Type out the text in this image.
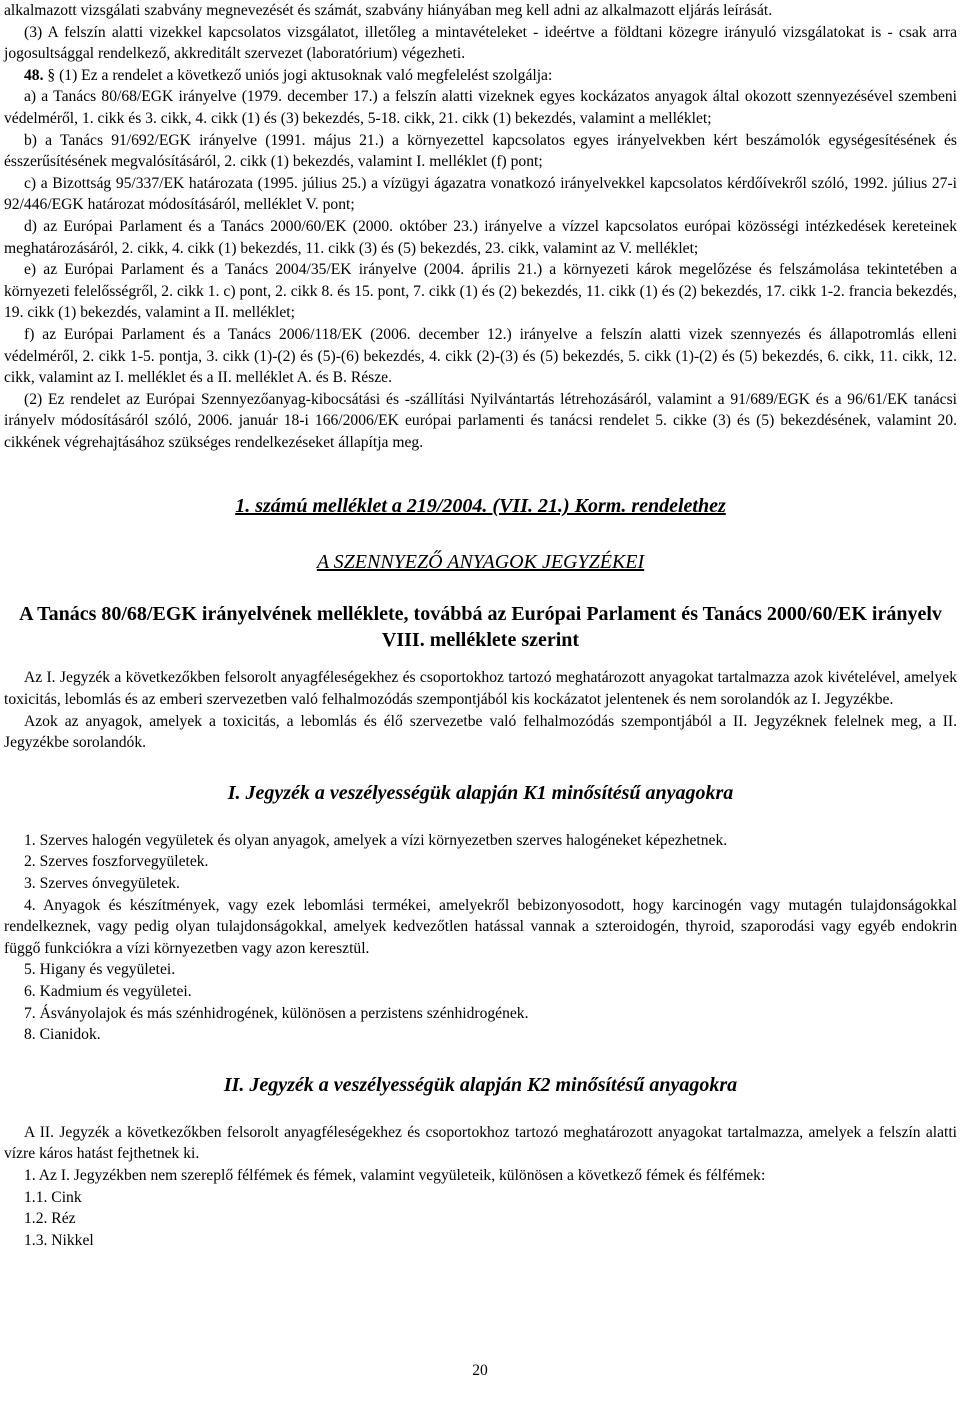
alkalmazott vizsgálati szabvány megnevezését és számát, szabvány hiányában meg kell adni az alkalmazott eljárás leírását.

(3) A felszín alatti vizekkel kapcsolatos vizsgálatot, illetőleg a mintavételeket - ideértve a földtani közegre irányuló vizsgálatokat is - csak arra jogosultsággal rendelkező, akkreditált szervezet (laboratórium) végezheti.

48. § (1) Ez a rendelet a következő uniós jogi aktusoknak való megfelelést szolgálja:

a) a Tanács 80/68/EGK irányelve (1979. december 17.) a felszín alatti vizeknek egyes kockázatos anyagok által okozott szennyezésével szembeni védelméről, 1. cikk és 3. cikk, 4. cikk (1) és (3) bekezdés, 5-18. cikk, 21. cikk (1) bekezdés, valamint a melléklet;

b) a Tanács 91/692/EGK irányelve (1991. május 21.) a környezettel kapcsolatos egyes irányelvekben kért beszámolók egységesítésének és ésszerűsítésének megvalósításáról, 2. cikk (1) bekezdés, valamint I. melléklet (f) pont;

c) a Bizottság 95/337/EK határozata (1995. július 25.) a vízügyi ágazatra vonatkozó irányelvekkel kapcsolatos kérdőívekről szóló, 1992. július 27-i 92/446/EGK határozat módosításáról, melléklet V. pont;

d) az Európai Parlament és a Tanács 2000/60/EK (2000. október 23.) irányelve a vízzel kapcsolatos európai közösségi intézkedések kereteinek meghatározásáról, 2. cikk, 4. cikk (1) bekezdés, 11. cikk (3) és (5) bekezdés, 23. cikk, valamint az V. melléklet;

e) az Európai Parlament és a Tanács 2004/35/EK irányelve (2004. április 21.) a környezeti károk megelőzése és felszámolása tekintetében a környezeti felelősségről, 2. cikk 1. c) pont, 2. cikk 8. és 15. pont, 7. cikk (1) és (2) bekezdés, 11. cikk (1) és (2) bekezdés, 17. cikk 1-2. francia bekezdés, 19. cikk (1) bekezdés, valamint a II. melléklet;

f) az Európai Parlament és a Tanács 2006/118/EK (2006. december 12.) irányelve a felszín alatti vizek szennyezés és állapotromlás elleni védelméről, 2. cikk 1-5. pontja, 3. cikk (1)-(2) és (5)-(6) bekezdés, 4. cikk (2)-(3) és (5) bekezdés, 5. cikk (1)-(2) és (5) bekezdés, 6. cikk, 11. cikk, 12. cikk, valamint az I. melléklet és a II. melléklet A. és B. Része.

(2) Ez rendelet az Európai Szennyezőanyag-kibocsátási és -szállítási Nyilvántartás létrehozásáról, valamint a 91/689/EGK és a 96/61/EK tanácsi irányelv módosításáról szóló, 2006. január 18-i 166/2006/EK európai parlamenti és tanácsi rendelet 5. cikke (3) és (5) bekezdésének, valamint 20. cikkének végrehajtásához szükséges rendelkezéseket állapítja meg.

1. számú melléklet a 219/2004. (VII. 21.) Korm. rendelethez

A SZENNYEZŐ ANYAGOK JEGYZÉKEI

A Tanács 80/68/EGK irányelvének melléklete, továbbá az Európai Parlament és Tanács 2000/60/EK irányelv VIII. melléklete szerint

Az I. Jegyzék a következőkben felsorolt anyagféleségekhez és csoportokhoz tartozó meghatározott anyagokat tartalmazza azok kivételével, amelyek toxicitás, lebomlás és az emberi szervezetben való felhalmozódás szempontjából kis kockázatot jelentenek és nem sorolandók az I. Jegyzékbe.

Azok az anyagok, amelyek a toxicitás, a lebomlás és élő szervezetbe való felhalmozódás szempontjából a II. Jegyzéknek felelnek meg, a II. Jegyzékbe sorolandók.

I. Jegyzék a veszélyességük alapján K1 minősítésű anyagokra

1. Szerves halogén vegyületek és olyan anyagok, amelyek a vízi környezetben szerves halogéneket képezhetnek.

2. Szerves foszforvegyületek.

3. Szerves ónvegyületek.

4. Anyagok és készítmények, vagy ezek lebomlási termékei, amelyekről bebizonyosodott, hogy karcinogén vagy mutagén tulajdonságokkal rendelkeznek, vagy pedig olyan tulajdonságokkal, amelyek kedvezőtlen hatással vannak a szteroidogén, thyroid, szaporodási vagy egyéb endokrin függő funkciókra a vízi környezetben vagy azon keresztül.

5. Higany és vegyületei.

6. Kadmium és vegyületei.

7. Ásványolajok és más szénhidrogének, különösen a perzistens szénhidrogének.

8. Cianidok.

II. Jegyzék a veszélyességük alapján K2 minősítésű anyagokra

A II. Jegyzék a következőkben felsorolt anyagféleségekhez és csoportokhoz tartozó meghatározott anyagokat tartalmazza, amelyek a felszín alatti vízre káros hatást fejthetnek ki.

1. Az I. Jegyzékben nem szereplő félfémek és fémek, valamint vegyületeik, különösen a következő fémek és félfémek:

1.1. Cink

1.2. Réz

1.3. Nikkel

20
